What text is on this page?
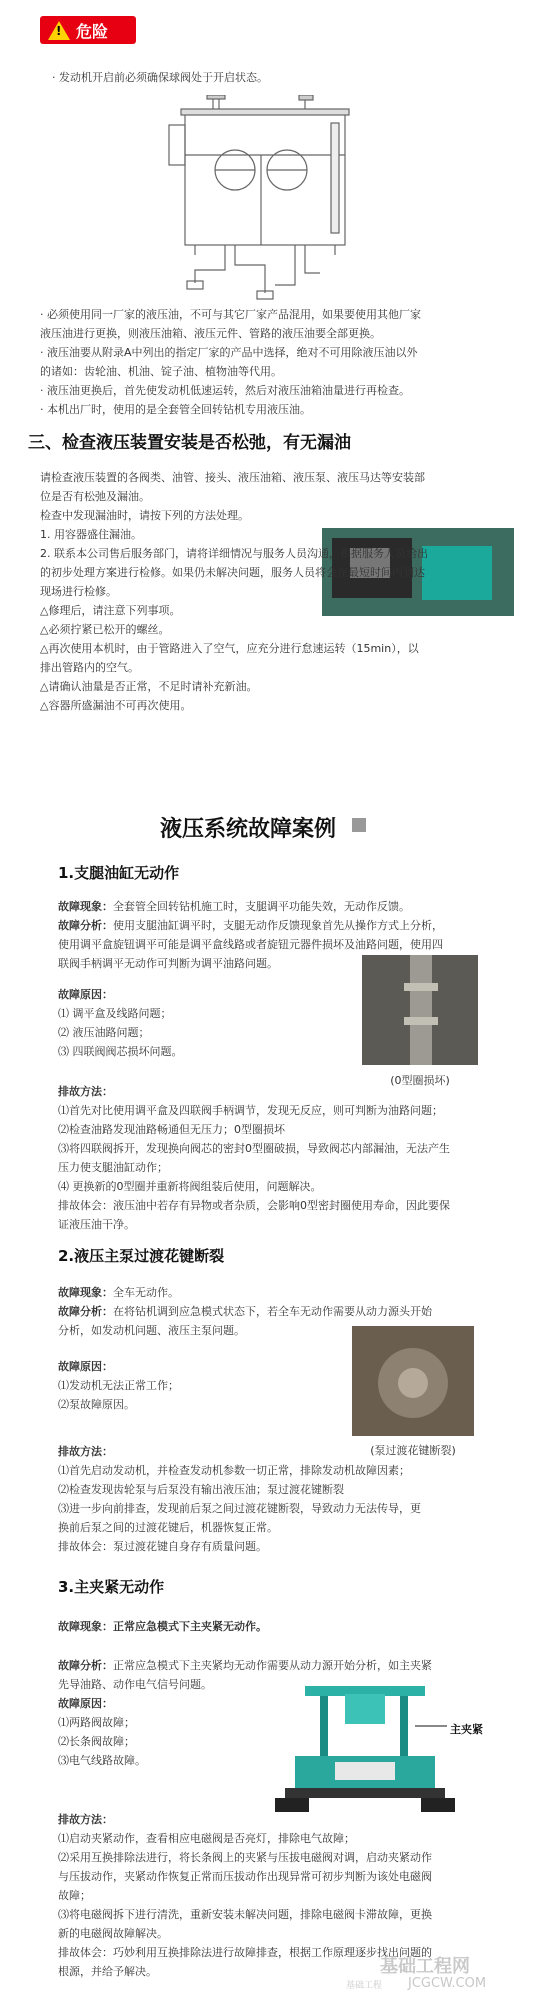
! 危险
· 发动机开启前必须确保球阀处于开启状态。
· 必须使用同一厂家的液压油，不可与其它厂家产品混用，如果要使用其他厂家
液压油进行更换，则液压油箱、液压元件、管路的液压油要全部更换。
· 液压油要从附录A中列出的指定厂家的产品中选择，绝对不可用除液压油以外
的诸如：齿轮油、机油、锭子油、植物油等代用。
· 液压油更换后，首先使发动机低速运转，然后对液压油箱油量进行再检查。
· 本机出厂时，使用的是全套管全回转钻机专用液压油。
三、检查液压装置安装是否松弛，有无漏油
请检查液压装置的各阀类、油管、接头、液压油箱、液压泵、液压马达等安装部
位是否有松弛及漏油。
检查中发现漏油时，请按下列的方法处理。
1. 用容器盛住漏油。
2. 联系本公司售后服务部门，请将详细情况与服务人员沟通，根据服务人员给出
的初步处理方案进行检修。如果仍未解决问题，服务人员将会在最短时间内到达
现场进行检修。
△修理后，请注意下列事项。
△必须拧紧已松开的螺丝。
△再次使用本机时，由于管路进入了空气，应充分进行怠速运转（15min），以
排出管路内的空气。
△请确认油量是否正常，不足时请补充新油。
△容器所盛漏油不可再次使用。
液压系统故障案例
1.支腿油缸无动作
故障现象：全套管全回转钻机施工时，支腿调平功能失效，无动作反馈。
故障分析：使用支腿油缸调平时，支腿无动作反馈现象首先从操作方式上分析，
使用调平盒旋钮调平可能是调平盒线路或者旋钮元器件损坏及油路问题，使用四
联阀手柄调平无动作可判断为调平油路问题。
故障原因：
⑴ 调平盒及线路问题；
⑵ 液压油路问题；
⑶ 四联阀阀芯损坏问题。
(0型圈损坏)
排故方法：
⑴首先对比使用调平盒及四联阀手柄调节，发现无反应，则可判断为油路问题；
⑵检查油路发现油路畅通但无压力；0型圈损坏
⑶将四联阀拆开，发现换向阀芯的密封0型圈破损，导致阀芯内部漏油，无法产生
压力使支腿油缸动作；
⑷ 更换新的0型圈并重新将阀组装后使用，问题解决。
排故体会：液压油中若存有异物或者杂质，会影响0型密封圈使用寿命，因此要保
证液压油干净。
2.液压主泵过渡花键断裂
故障现象：全车无动作。
故障分析：在将钻机调到应急模式状态下，若全车无动作需要从动力源头开始
分析，如发动机问题、液压主泵问题。
故障原因：
⑴发动机无法正常工作；
⑵泵故障原因。
(泵过渡花键断裂)
排故方法：
⑴首先启动发动机，并检查发动机参数一切正常，排除发动机故障因素；
⑵检查发现齿轮泵与后泵没有输出液压油；泵过渡花键断裂
⑶进一步向前排查，发现前后泵之间过渡花键断裂，导致动力无法传导，更
换前后泵之间的过渡花键后，机器恢复正常。
排故体会：泵过渡花键自身存有质量问题。
3.主夹紧无动作
故障现象：正常应急模式下主夹紧无动作。
故障分析：正常应急模式下主夹紧均无动作需要从动力源开始分析，如主夹紧
先导油路、动作电气信号问题。
故障原因：
⑴两路阀故障；
⑵长条阀故障；
⑶电气线路故障。
主夹紧
排故方法：
⑴启动夹紧动作，查看相应电磁阀是否亮灯，排除电气故障；
⑵采用互换排除法进行，将长条阀上的夹紧与压拔电磁阀对调，启动夹紧动作
与压拔动作，夹紧动作恢复正常而压拔动作出现异常可初步判断为该处电磁阀
故障；
⑶将电磁阀拆下进行清洗，重新安装未解决问题，排除电磁阀卡滞故障，更换
新的电磁阀故障解决。
排故体会：巧妙利用互换排除法进行故障排查，根据工作原理逐步找出问题的
根源，并给予解决。	基础工程网
JCGCW.COM
基础工程
